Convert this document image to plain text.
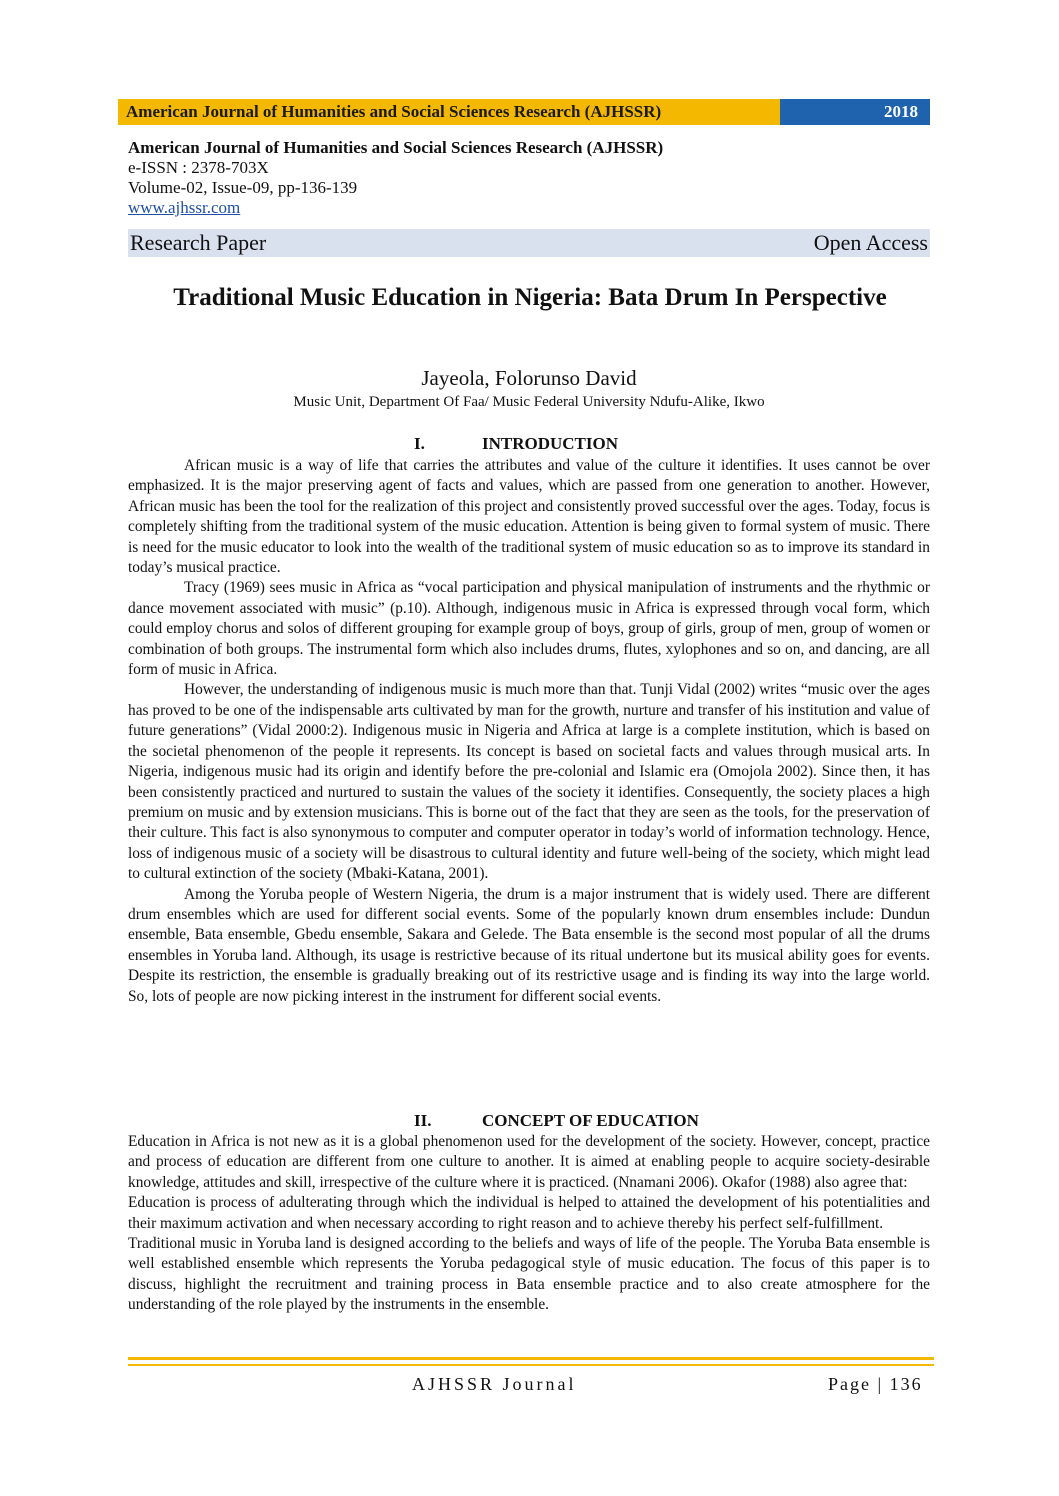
American Journal of Humanities and Social Sciences Research (AJHSSR)	2018
American Journal of Humanities and Social Sciences Research (AJHSSR)
e-ISSN : 2378-703X
Volume-02, Issue-09, pp-136-139
www.ajhssr.com
Research Paper	Open Access
Traditional Music Education in Nigeria: Bata Drum In Perspective
Jayeola, Folorunso David
Music Unit, Department Of Faa/ Music Federal University Ndufu-Alike, Ikwo
I.	INTRODUCTION

African music is a way of life that carries the attributes and value of the culture it identifies. It uses cannot be over emphasized. It is the major preserving agent of facts and values, which are passed from one generation to another. However, African music has been the tool for the realization of this project and consistently proved successful over the ages. Today, focus is completely shifting from the traditional system of the music education. Attention is being given to formal system of music. There is need for the music educator to look into the wealth of the traditional system of music education so as to improve its standard in today’s musical practice.

Tracy (1969) sees music in Africa as “vocal participation and physical manipulation of instruments and the rhythmic or dance movement associated with music” (p.10). Although, indigenous music in Africa is expressed through vocal form, which could employ chorus and solos of different grouping for example group of boys, group of girls, group of men, group of women or combination of both groups. The instrumental form which also includes drums, flutes, xylophones and so on, and dancing, are all form of music in Africa.

However, the understanding of indigenous music is much more than that. Tunji Vidal (2002) writes “music over the ages has proved to be one of the indispensable arts cultivated by man for the growth, nurture and transfer of his institution and value of future generations” (Vidal 2000:2). Indigenous music in Nigeria and Africa at large is a complete institution, which is based on the societal phenomenon of the people it represents. Its concept is based on societal facts and values through musical arts. In Nigeria, indigenous music had its origin and identify before the pre-colonial and Islamic era (Omojola 2002). Since then, it has been consistently practiced and nurtured to sustain the values of the society it identifies. Consequently, the society places a high premium on music and by extension musicians. This is borne out of the fact that they are seen as the tools, for the preservation of their culture. This fact is also synonymous to computer and computer operator in today’s world of information technology. Hence, loss of indigenous music of a society will be disastrous to cultural identity and future well-being of the society, which might lead to cultural extinction of the society (Mbaki-Katana, 2001).

Among the Yoruba people of Western Nigeria, the drum is a major instrument that is widely used. There are different drum ensembles which are used for different social events. Some of the popularly known drum ensembles include: Dundun ensemble, Bata ensemble, Gbedu ensemble, Sakara and Gelede. The Bata ensemble is the second most popular of all the drums ensembles in Yoruba land. Although, its usage is restrictive because of its ritual undertone but its musical ability goes for events. Despite its restriction, the ensemble is gradually breaking out of its restrictive usage and is finding its way into the large world. So, lots of people are now picking interest in the instrument for different social events.

II.	CONCEPT OF EDUCATION

Education in Africa is not new as it is a global phenomenon used for the development of the society. However, concept, practice and process of education are different from one culture to another. It is aimed at enabling people to acquire society-desirable knowledge, attitudes and skill, irrespective of the culture where it is practiced. (Nnamani 2006). Okafor (1988) also agree that:

Education is process of adulterating through which the individual is helped to attained the development of his potentialities and their maximum activation and when necessary according to right reason and to achieve thereby his perfect self-fulfillment.

Traditional music in Yoruba land is designed according to the beliefs and ways of life of the people. The Yoruba Bata ensemble is well established ensemble which represents the Yoruba pedagogical style of music education. The focus of this paper is to discuss, highlight the recruitment and training process in Bata ensemble practice and to also create atmosphere for the understanding of the role played by the instruments in the ensemble.

AJHSSR Journal	Page | 136
